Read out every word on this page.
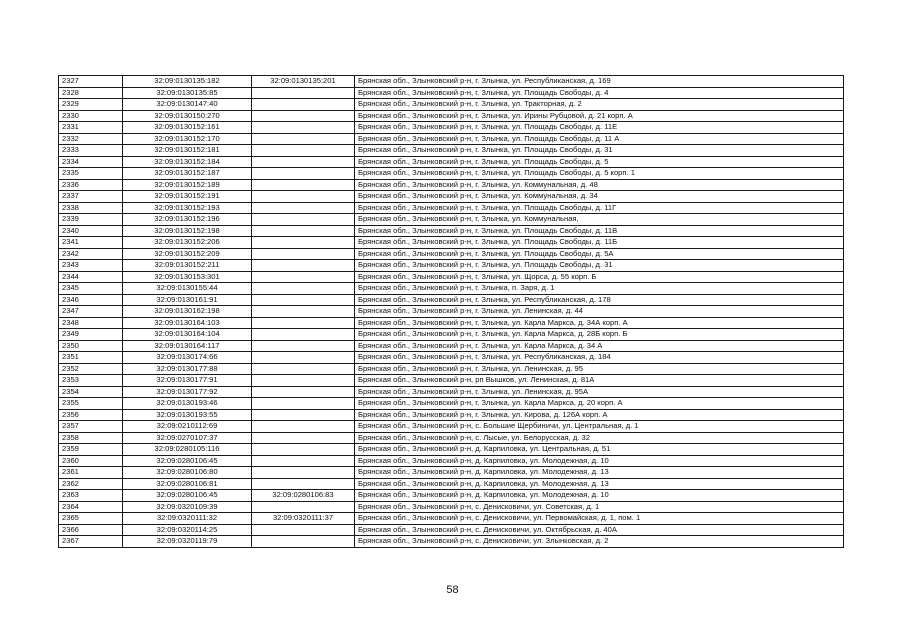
2327	32:09:0130135:182	32:09:0130135:201	Брянская обл., Злынковский р-н, г. Злынка, ул. Республиканская, д. 169
2328	32:09:0130135:85		Брянская обл., Злынковский р-н, г. Злынка, ул. Площадь Свободы, д. 4
2329	32:09:0130147:40		Брянская обл., Злынковский р-н, г. Злынка, ул. Тракторная, д. 2
2330	32:09:0130150:270		Брянская обл., Злынковский р-н, г. Злынка, ул. Ирины Рубцовой, д. 21 корп. А
2331	32:09:0130152:161		Брянская обл., Злынковский р-н, г. Злынка, ул. Площадь Свободы, д. 11Е
2332	32:09:0130152:170		Брянская обл., Злынковский р-н, г. Злынка, ул. Площадь Свободы, д. 11 А
2333	32:09:0130152:181		Брянская обл., Злынковский р-н, г. Злынка, ул. Площадь Свободы, д. 31
2334	32:09:0130152:184		Брянская обл., Злынковский р-н, г. Злынка, ул. Площадь Свободы, д. 5
2335	32:09:0130152:187		Брянская обл., Злынковский р-н, г. Злынка, ул. Площадь Свободы, д. 5 корп. 1
2336	32:09:0130152:189		Брянская обл., Злынковский р-н, г. Злынка, ул. Коммунальная, д. 48
2337	32:09:0130152:191		Брянская обл., Злынковский р-н, г. Злынка, ул. Коммунальная, д. 34
2338	32:09:0130152:193		Брянская обл., Злынковский р-н, г. Злынка, ул. Площадь Свободы, д. 11Г
2339	32:09:0130152:196		Брянская обл., Злынковский р-н, г. Злынка, ул. Коммунальная,
2340	32:09:0130152:198		Брянская обл., Злынковский р-н, г. Злынка, ул. Площадь Свободы, д. 11В
2341	32:09:0130152:206		Брянская обл., Злынковский р-н, г. Злынка, ул. Площадь Свободы, д. 11Б
2342	32:09:0130152:209		Брянская обл., Злынковский р-н, г. Злынка, ул. Площадь Свободы, д. 5А
2343	32:09:0130152:211		Брянская обл., Злынковский р-н, г. Злынка, ул. Площадь Свободы, д. 31
2344	32:09:0130153:301		Брянская обл., Злынковский р-н, г. Злынка, ул. Щорса, д. 55 корп. Б
2345	32:09:0130155:44		Брянская обл., Злынковский р-н, г. Злынка, п. Заря, д. 1
2346	32:09:0130161:91		Брянская обл., Злынковский р-н, г. Злынка, ул. Республиканская, д. 178
2347	32:09:0130162:198		Брянская обл., Злынковский р-н, г. Злынка, ул. Ленинская, д. 44
2348	32:09:0130164:103		Брянская обл., Злынковский р-н, г. Злынка, ул. Карла Маркса, д. 34А корп. А
2349	32:09:0130164:104		Брянская обл., Злынковский р-н, г. Злынка, ул. Карла Маркса, д. 28Б корп. Б
2350	32:09:0130164:117		Брянская обл., Злынковский р-н, г. Злынка, ул. Карла Маркса, д. 34 А
2351	32:09:0130174:66		Брянская обл., Злынковский р-н, г. Злынка, ул. Республиканская, д. 184
2352	32:09:0130177:88		Брянская обл., Злынковский р-н, г. Злынка, ул. Ленинская, д. 95
2353	32:09:0130177:91		Брянская обл., Злынковский р-н, рп Вышков, ул. Ленинская, д. 81А
2354	32:09:0130177:92		Брянская обл., Злынковский р-н, г. Злынка, ул. Ленинская, д. 95А
2355	32:09:0130193:46		Брянская обл., Злынковский р-н, г. Злынка, ул. Карла Маркса, д. 20 корп. А
2356	32:09:0130193:55		Брянская обл., Злынковский р-н, г. Злынка, ул. Кирова, д. 126А корп. А
2357	32:09:0210112:69		Брянская обл., Злынковский р-н, с. Большие Щербиничи, ул. Центральная, д. 1
2358	32:09:0270107:37		Брянская обл., Злынковский р-н, с. Лысые, ул. Белорусская, д. 32
2359	32:09:0280105:116		Брянская обл., Злынковский р-н, д. Карпиловка, ул. Центральная, д. 51
2360	32:09:0280106:45		Брянская обл., Злынковский р-н, д. Карпиловка, ул. Молодежная, д. 10
2361	32:09:0280106:80		Брянская обл., Злынковский р-н, д. Карпиловка, ул. Молодежная, д. 13
2362	32:09:0280106:81		Брянская обл., Злынковский р-н, д. Карпиловка, ул. Молодежная, д. 13
2363	32:09:0280106:45	32:09:0280106:83	Брянская обл., Злынковский р-н, д. Карпиловка, ул. Молодежная, д. 10
2364	32:09:0320109:39		Брянская обл., Злынковский р-н, с. Денисковичи, ул. Советская, д. 1
2365	32:09:0320111:32	32:09:0320111:37	Брянская обл., Злынковский р-н, с. Денисковичи, ул. Первомайская, д. 1, пом. 1
2366	32:09:0320114:25		Брянская обл., Злынковский р-н, с. Денисковичи, ул. Октябрьская, д. 40А
2367	32:09:0320119:79		Брянская обл., Злынковский р-н, с. Денисковичи, ул. Злынковская, д. 2
58
